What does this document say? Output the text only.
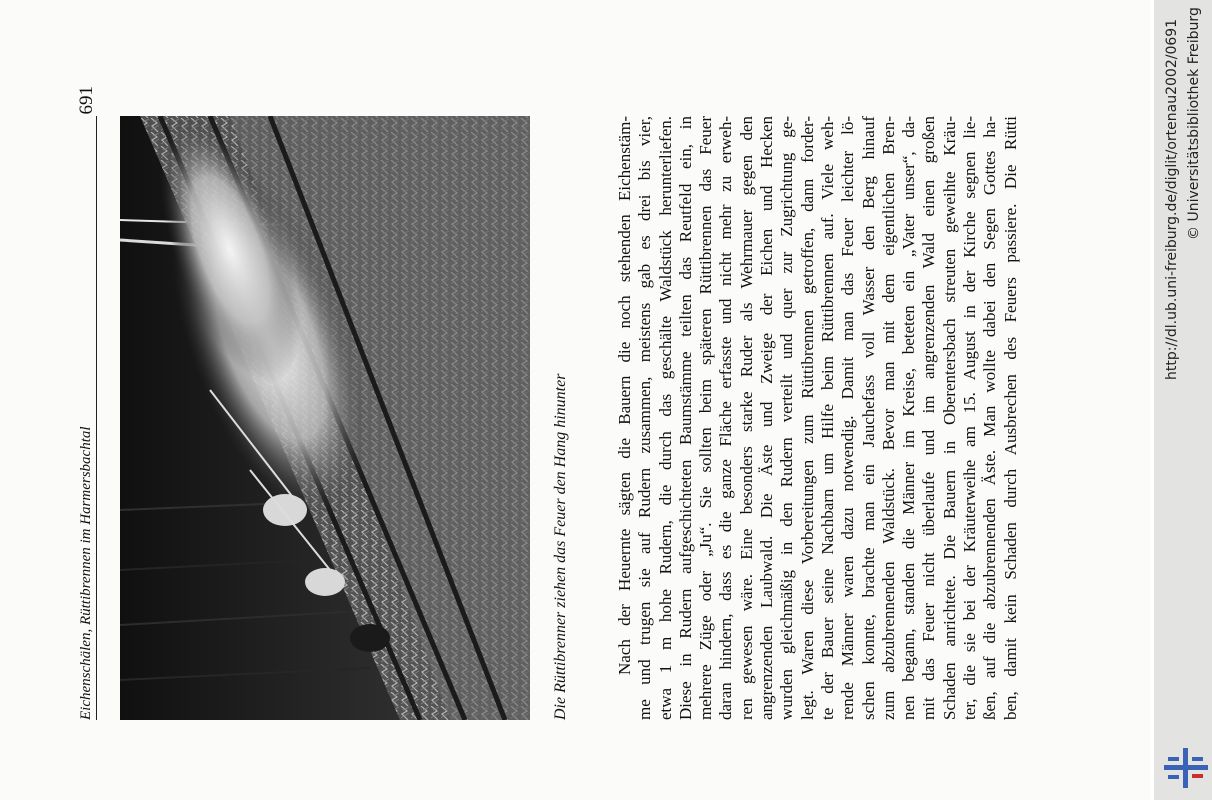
Eichenschälen, Rüttibrennen im Harmersbachtal
691
Die Rüttibrenner ziehen das Feuer den Hang hinunter	Nach der Heuernte sägten die Bauern die noch stehenden Eichenstäm- me und trugen sie auf Rudern zusammen, meistens gab es drei bis vier, etwa 1 m hohe Rudern, die durch das geschälte Waldstück herunterliefen. Diese in Rudern aufgeschichteten Baumstämme teilten das Reutfeld ein, in mehrere Züge oder „Ju“. Sie sollten beim späteren Rüttibrennen das Feuer daran hindern, dass es die ganze Fläche erfasste und nicht mehr zu erweh- ren gewesen wäre. Eine besonders starke Ruder als Wehrmauer gegen den angrenzenden Laubwald. Die Äste und Zweige der Eichen und Hecken wurden gleichmäßig in den Rudern verteilt und quer zur Zugrichtung ge- legt. Waren diese Vorbereitungen zum Rüttibrennen getroffen, dann forder- te der Bauer seine Nachbarn um Hilfe beim Rüttibrennen auf. Viele weh- rende Männer waren dazu notwendig. Damit man das Feuer leichter lö- schen konnte, brachte man ein Jauchefass voll Wasser den Berg hinauf zum abzubrennenden Waldstück. Bevor man mit dem eigentlichen Bren- nen begann, standen die Männer im Kreise, beteten ein „Vater unser“, da- mit das Feuer nicht überlaufe und im angrenzenden Wald einen großen Schaden anrichtete. Die Bauern in Oberentersbach streuten geweihte Kräu- ter, die sie bei der Kräuterweihe am 15. August in der Kirche segnen lie- ßen, auf die abzubrennenden Äste. Man wollte dabei den Segen Gottes ha- ben, damit kein Schaden durch Ausbrechen des Feuers passiere. Die Rütti	http://dl.ub.uni-freiburg.de/diglit/ortenau2002/0691 © Universitätsbibliothek Freiburg
